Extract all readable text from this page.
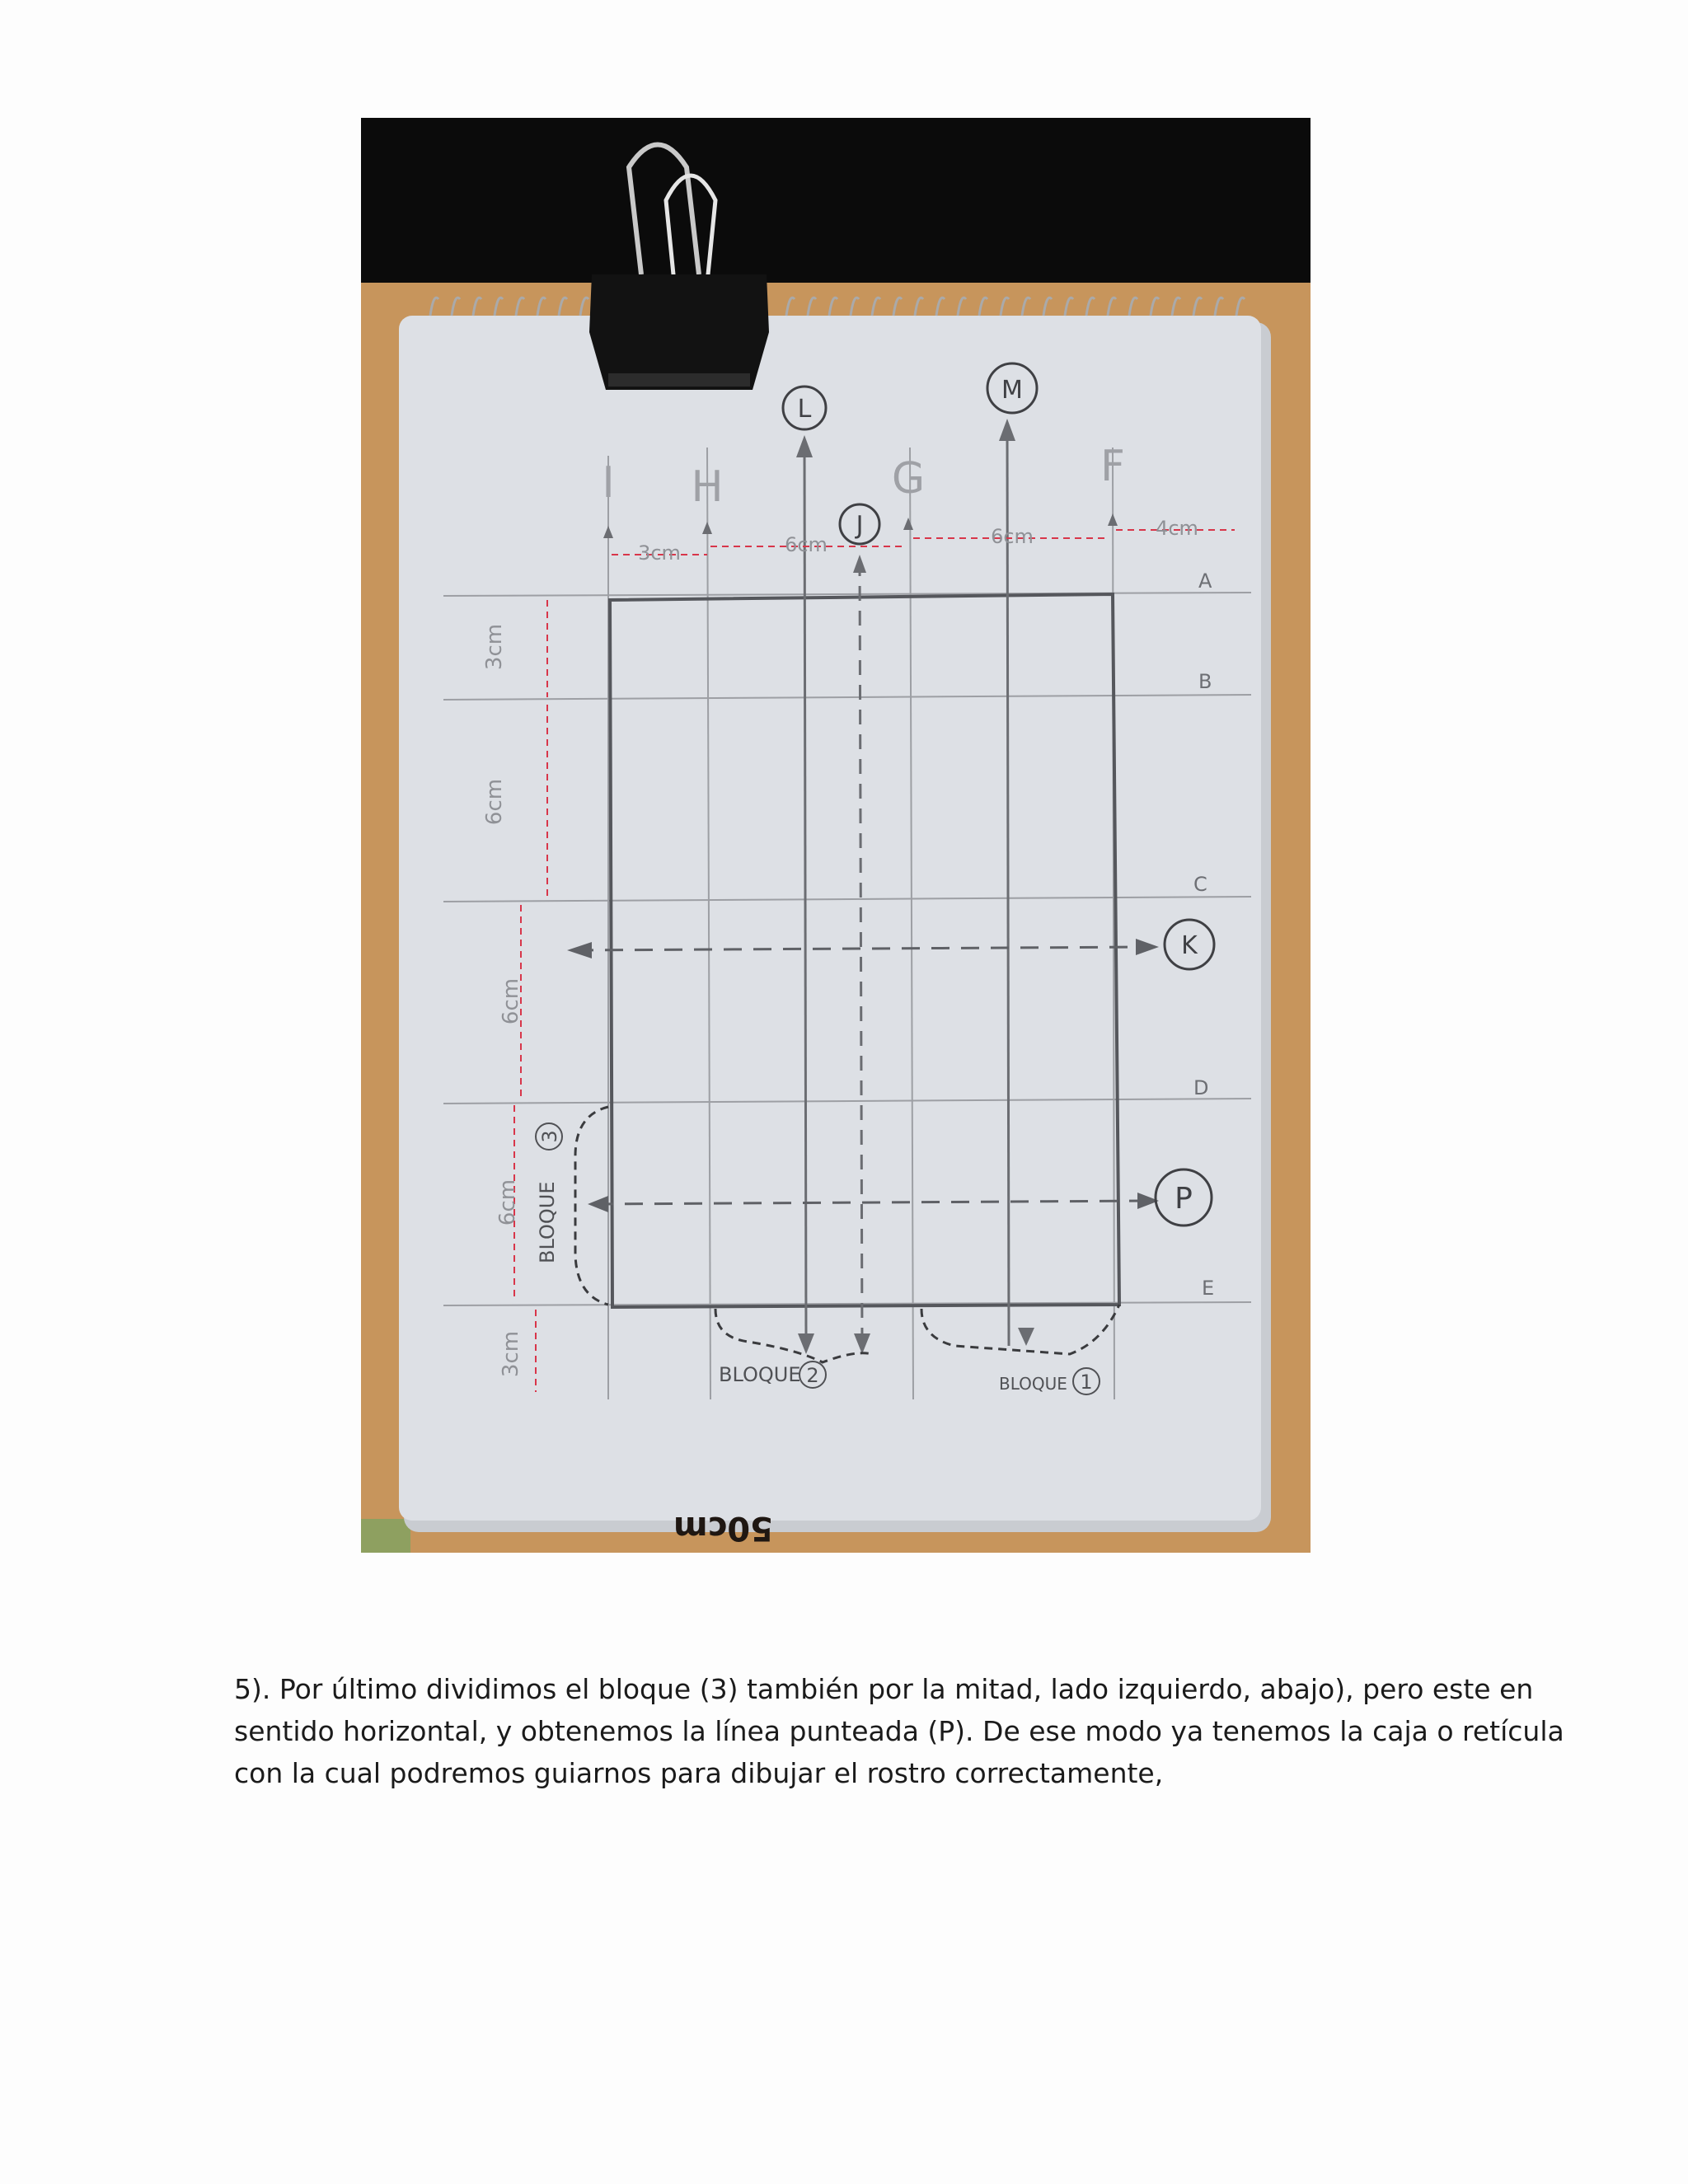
I H	G	F
A
B
C
D
E
L
M
J
K
P
3cm	6cm	6cm	4cm
3cm
6cm
6cm
6cm
3cm	BLOQUE 2	BLOQUE 1
BLOQUE
3
50cm

5). Por último dividimos el bloque (3) también por la mitad, lado izquierdo, abajo), pero este en
sentido horizontal, y obtenemos la línea punteada (P). De ese modo ya tenemos la caja o retícula
con la cual podremos guiarnos para dibujar el rostro correctamente,
